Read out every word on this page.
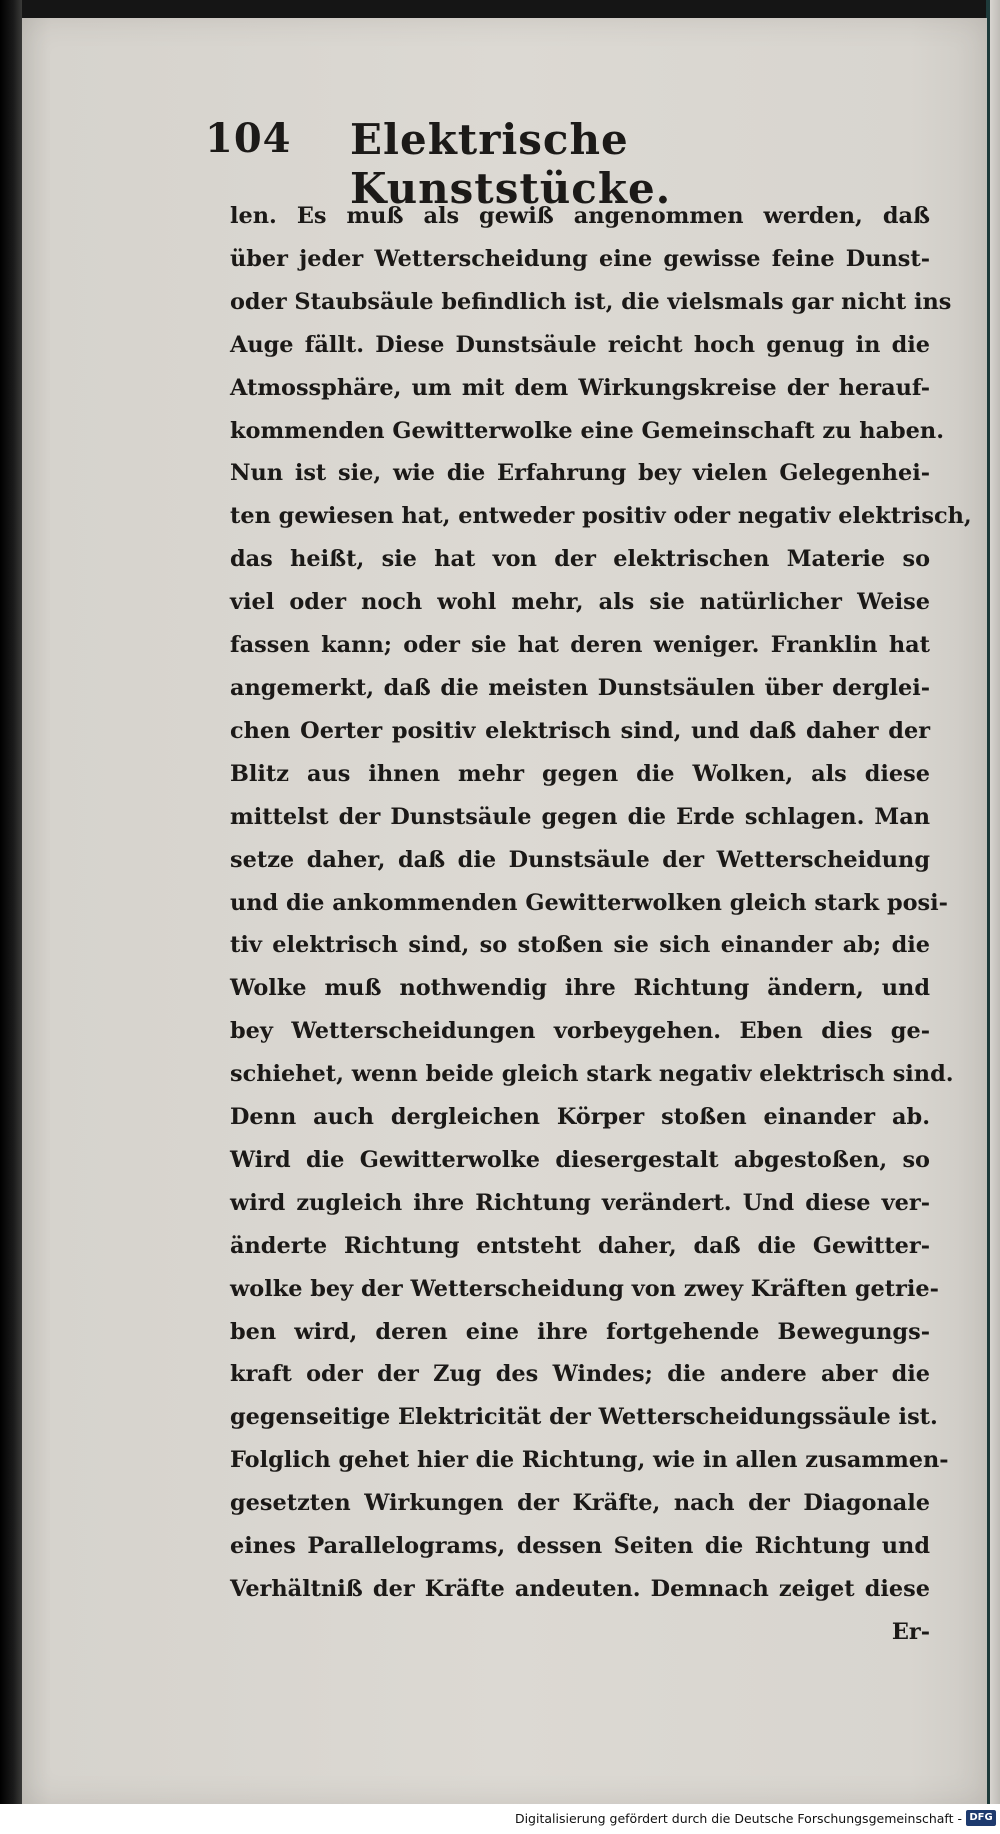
104 Elektrische Kunststücke.
len. Es muß als gewiß angenommen werden, daß
über jeder Wetterscheidung eine gewisse feine Dunst-
oder Staubsäule befindlich ist, die vielsmals gar nicht ins
Auge fällt. Diese Dunstsäule reicht hoch genug in die
Atmossphäre, um mit dem Wirkungskreise der herauf-
kommenden Gewitterwolke eine Gemeinschaft zu haben.
Nun ist sie, wie die Erfahrung bey vielen Gelegenhei-
ten gewiesen hat, entweder positiv oder negativ elektrisch,
das heißt, sie hat von der elektrischen Materie so
viel oder noch wohl mehr, als sie natürlicher Weise
fassen kann; oder sie hat deren weniger. Franklin hat
angemerkt, daß die meisten Dunstsäulen über derglei-
chen Oerter positiv elektrisch sind, und daß daher der
Blitz aus ihnen mehr gegen die Wolken, als diese
mittelst der Dunstsäule gegen die Erde schlagen. Man
setze daher, daß die Dunstsäule der Wetterscheidung
und die ankommenden Gewitterwolken gleich stark posi-
tiv elektrisch sind, so stoßen sie sich einander ab; die
Wolke muß nothwendig ihre Richtung ändern, und
bey Wetterscheidungen vorbeygehen. Eben dies ge-
schiehet, wenn beide gleich stark negativ elektrisch sind.
Denn auch dergleichen Körper stoßen einander ab.
Wird die Gewitterwolke diesergestalt abgestoßen, so
wird zugleich ihre Richtung verändert. Und diese ver-
änderte Richtung entsteht daher, daß die Gewitter-
wolke bey der Wetterscheidung von zwey Kräften getrie-
ben wird, deren eine ihre fortgehende Bewegungs-
kraft oder der Zug des Windes; die andere aber die
gegenseitige Elektricität der Wetterscheidungssäule ist.
Folglich gehet hier die Richtung, wie in allen zusammen-
gesetzten Wirkungen der Kräfte, nach der Diagonale
eines Parallelograms, dessen Seiten die Richtung und
Verhältniß der Kräfte andeuten. Demnach zeiget diese
Er-
Digitalisierung gefördert durch die Deutsche Forschungsgemeinschaft - DFG
